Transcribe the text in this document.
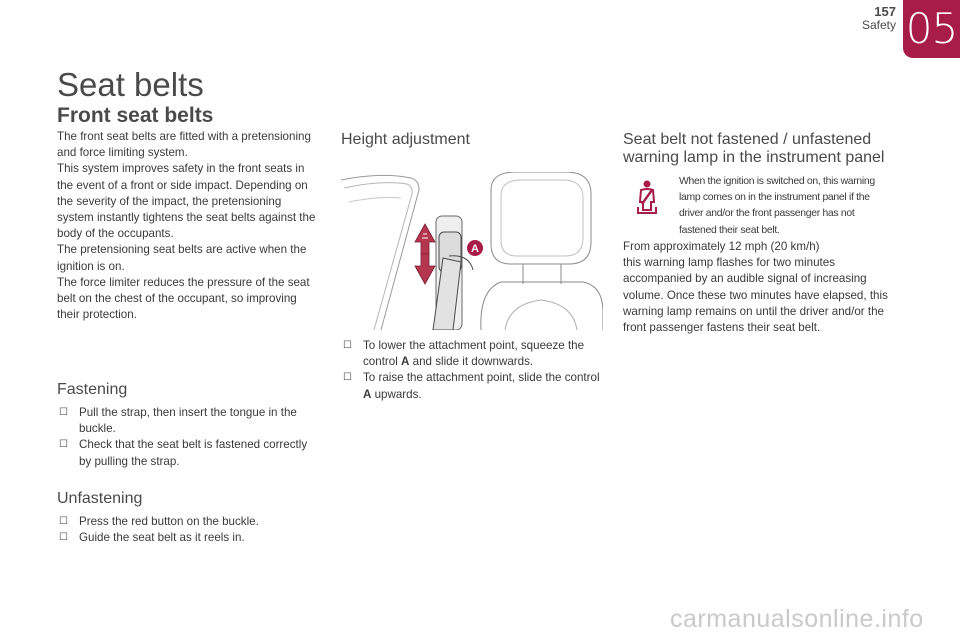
157
Safety 05
Seat belts
Front seat belts

The front seat belts are fitted with a pretensioning and force limiting system.

This system improves safety in the front seats in the event of a front or side impact. Depending on the severity of the impact, the pretensioning system instantly tightens the seat belts against the body of the occupants.

The pretensioning seat belts are active when the ignition is on.

The force limiter reduces the pressure of the seat belt on the chest of the occupant, so improving their protection.

Fastening
☐ Pull the strap, then insert the tongue in the buckle.
☐ Check that the seat belt is fastened correctly by pulling the strap.
Unfastening
☐ Press the red button on the buckle.
☐ Guide the seat belt as it reels in.
Height adjustment
A
☐ To lower the attachment point, squeeze the control A and slide it downwards.
☐ To raise the attachment point, slide the control A upwards.
Seat belt not fastened / unfastened
warning lamp in the instrument panel
When the ignition is switched on, this warning lamp comes on in the instrument panel if the driver and/or the front passenger has not fastened their seat belt.

From approximately 12 mph (20 km/h)

this warning lamp flashes for two minutes accompanied by an audible signal of increasing volume. Once these two minutes have elapsed, this warning lamp remains on until the driver and/or the front passenger fastens their seat belt.

carmanualsonline.info
